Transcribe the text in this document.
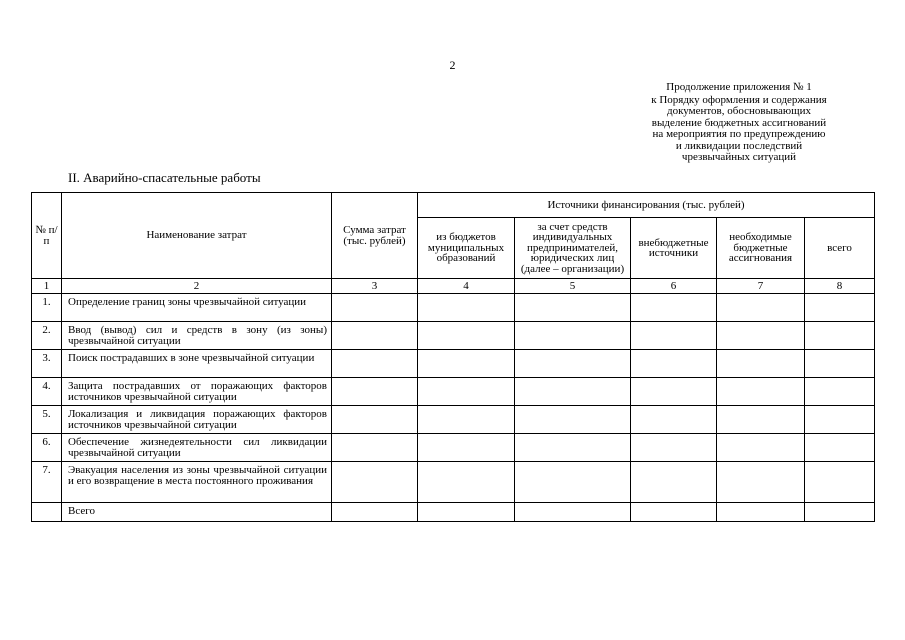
2
Продолжение приложения № 1
к Порядку оформления и содержания
документов, обосновывающих
выделение бюджетных ассигнований
на мероприятия по предупреждению
и ликвидации последствий
чрезвычайных ситуаций
II. Аварийно-спасательные работы
№ п/п	Наименование затрат	Сумма затрат (тыс. рублей)	Источники финансирования (тыс. рублей)				
			из бюджетов муниципальных образований	за счет средств индивидуальных предпринимателей, юридических лиц (далее – организации)	внебюджетные источники	необходимые бюджетные ассигнования	всего
1	2	3	4	5	6	7	8
1.	Определение границ зоны чрезвычайной ситуации						
2.	Ввод (вывод) сил и средств в зону (из зоны) чрезвычайной ситуации						
3.	Поиск пострадавших в зоне чрезвычайной ситуации						
4.	Защита пострадавших от поражающих факторов источников чрезвычайной ситуации						
5.	Локализация и ликвидация поражающих факторов источников чрезвычайной ситуации						
6.	Обеспечение жизнедеятельности сил ликвидации чрезвычайной ситуации						
7.	Эвакуация населения из зоны чрезвычайной ситуации и его возвращение в места постоянного проживания						
	Всего						
